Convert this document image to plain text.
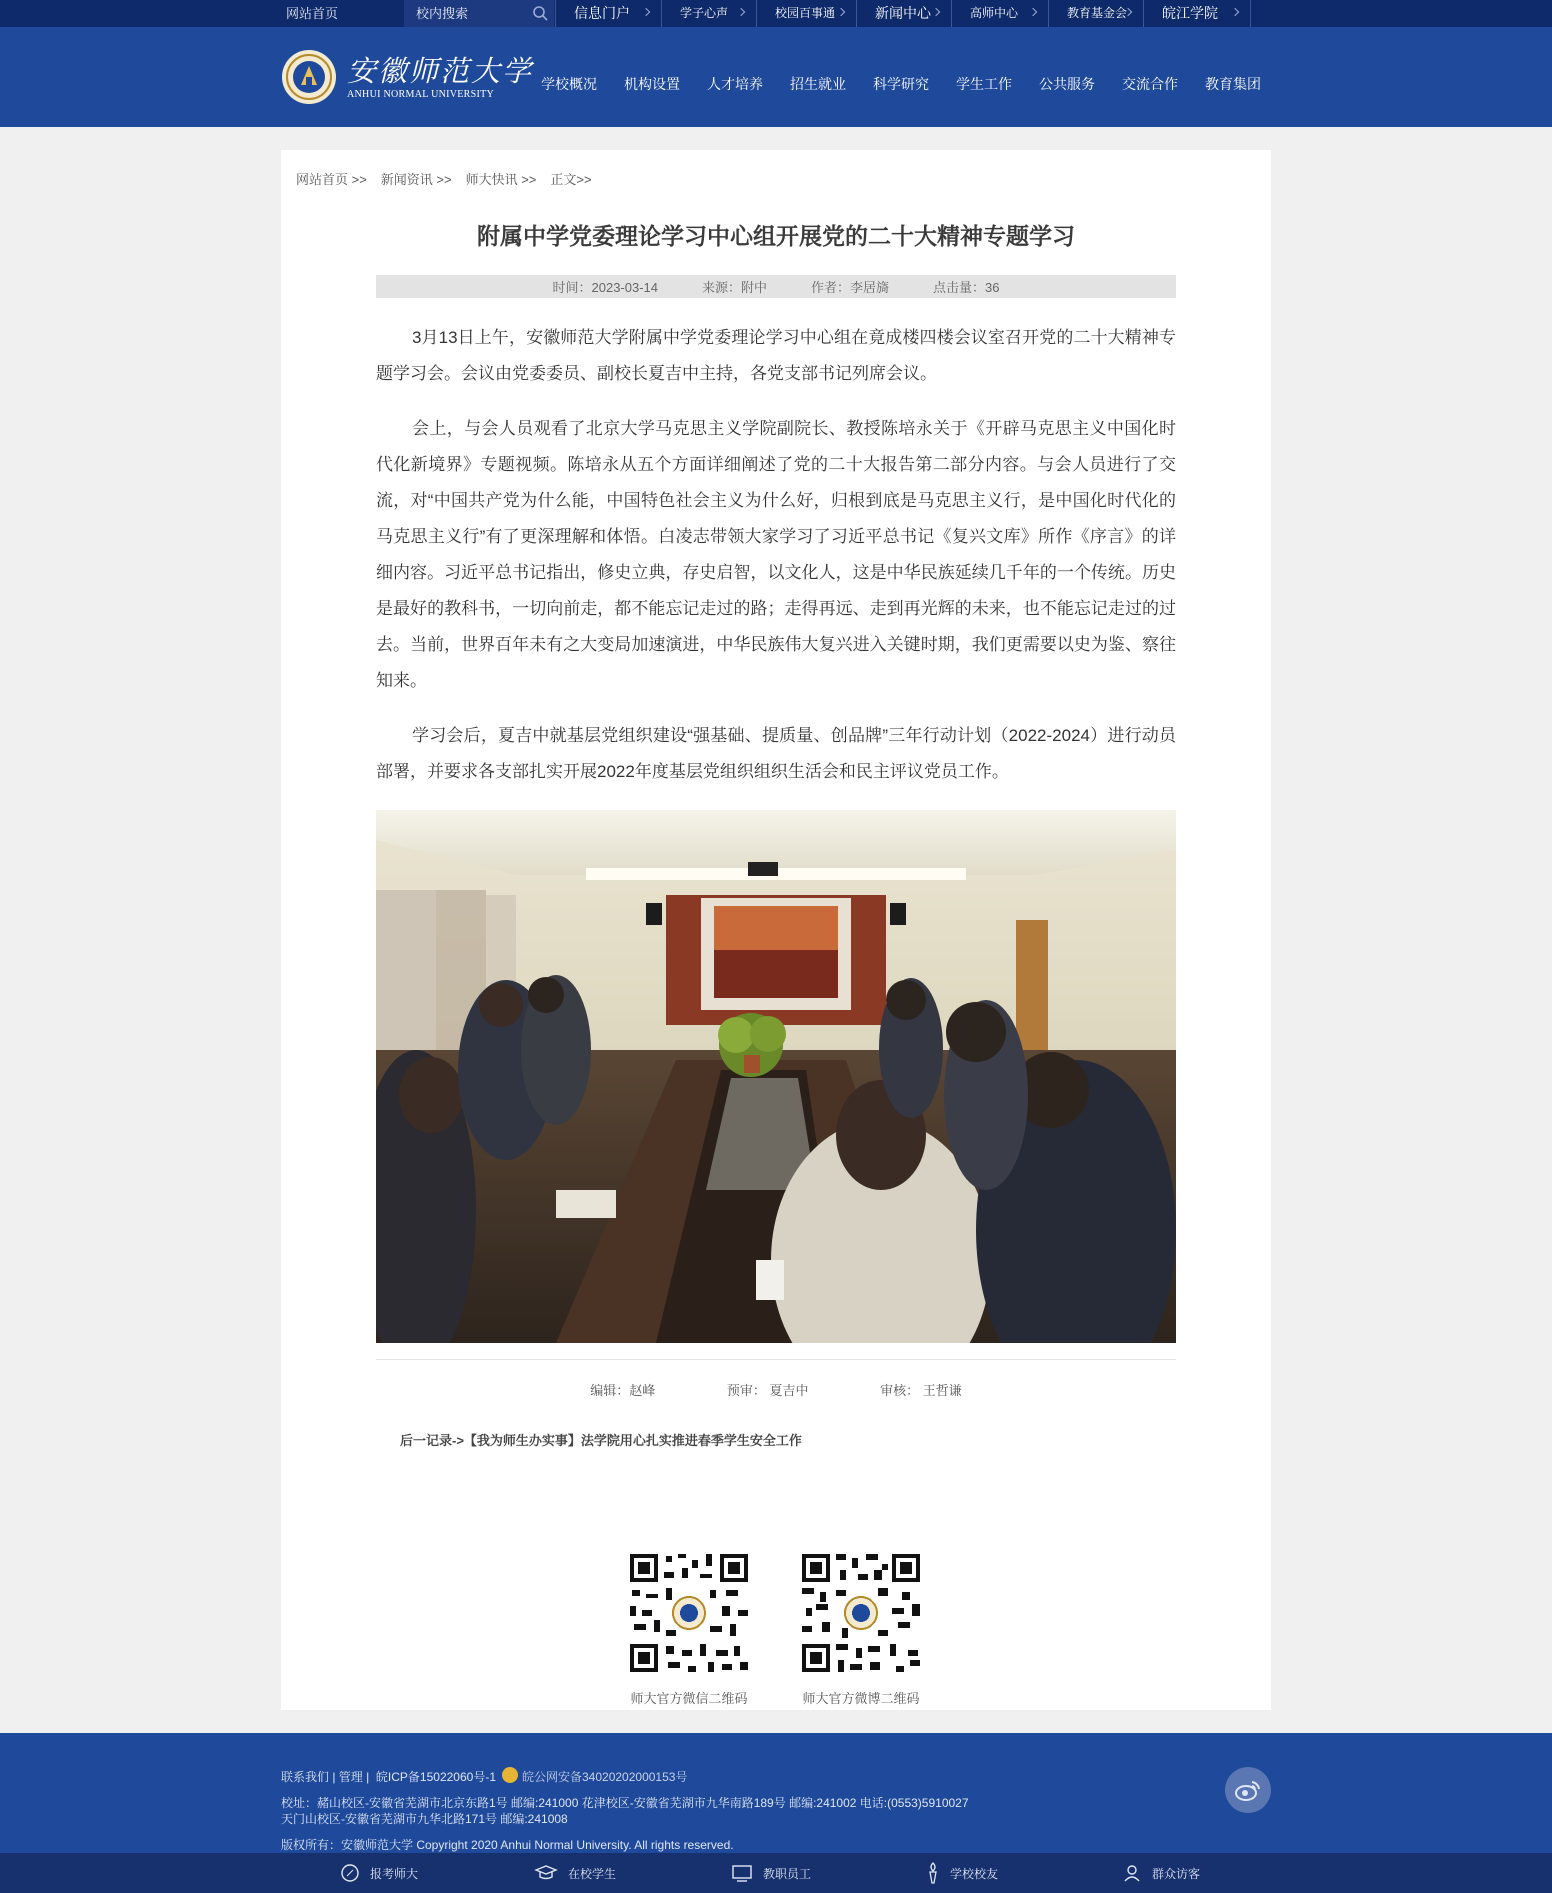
网站首页
校内搜索	信息门户	学子心声	校园百事通	新闻中心	高师中心	教育基金会	皖江学院
安徽师范大学
ANHUI NORMAL UNIVERSITY
学校概况 机构设置 人才培养 招生就业 科学研究 学生工作 公共服务 交流合作 教育集团
网站首页 >> 新闻资讯 >> 师大快讯 >> 正文>>
附属中学党委理论学习中心组开展党的二十大精神专题学习
时间：2023-03-14	来源：附中	作者：李居旖	点击量：36

3月13日上午，安徽师范大学附属中学党委理论学习中心组在竟成楼四楼会议室召开党的二十大精神专题学习会。会议由党委委员、副校长夏吉中主持，各党支部书记列席会议。

会上，与会人员观看了北京大学马克思主义学院副院长、教授陈培永关于《开辟马克思主义中国化时代化新境界》专题视频。陈培永从五个方面详细阐述了党的二十大报告第二部分内容。与会人员进行了交流，对“中国共产党为什么能，中国特色社会主义为什么好，归根到底是马克思主义行，是中国化时代化的马克思主义行”有了更深理解和体悟。白凌志带领大家学习了习近平总书记《复兴文库》所作《序言》的详细内容。习近平总书记指出，修史立典，存史启智，以文化人，这是中华民族延续几千年的一个传统。历史是最好的教科书，一切向前走，都不能忘记走过的路；走得再远、走到再光辉的未来，也不能忘记走过的过去。当前，世界百年未有之大变局加速演进，中华民族伟大复兴进入关键时期，我们更需要以史为鉴、察往知来。

学习会后，夏吉中就基层党组织建设“强基础、提质量、创品牌”三年行动计划（2022-2024）进行动员部署，并要求各支部扎实开展2022年度基层党组织组织生活会和民主评议党员工作。

编辑：赵峰	预审： 夏吉中	审核： 王哲谦
后一记录->【我为师生办实事】法学院用心扎实推进春季学生安全工作
师大官方微信二维码	师大官方微博二维码
联系我们 | 管理 |
皖ICP备15022060号-1 皖公网安备34020202000153号
校址：赭山校区-安徽省芜湖市北京东路1号 邮编:241000 花津校区-安徽省芜湖市九华南路189号 邮编:241002 电话:(0553)5910027
天门山校区-安徽省芜湖市九华北路171号 邮编:241008
版权所有：安徽师范大学 Copyright 2020 Anhui Normal University. All rights reserved.
报考师大	在校学生	教职员工	学校校友	群众访客
